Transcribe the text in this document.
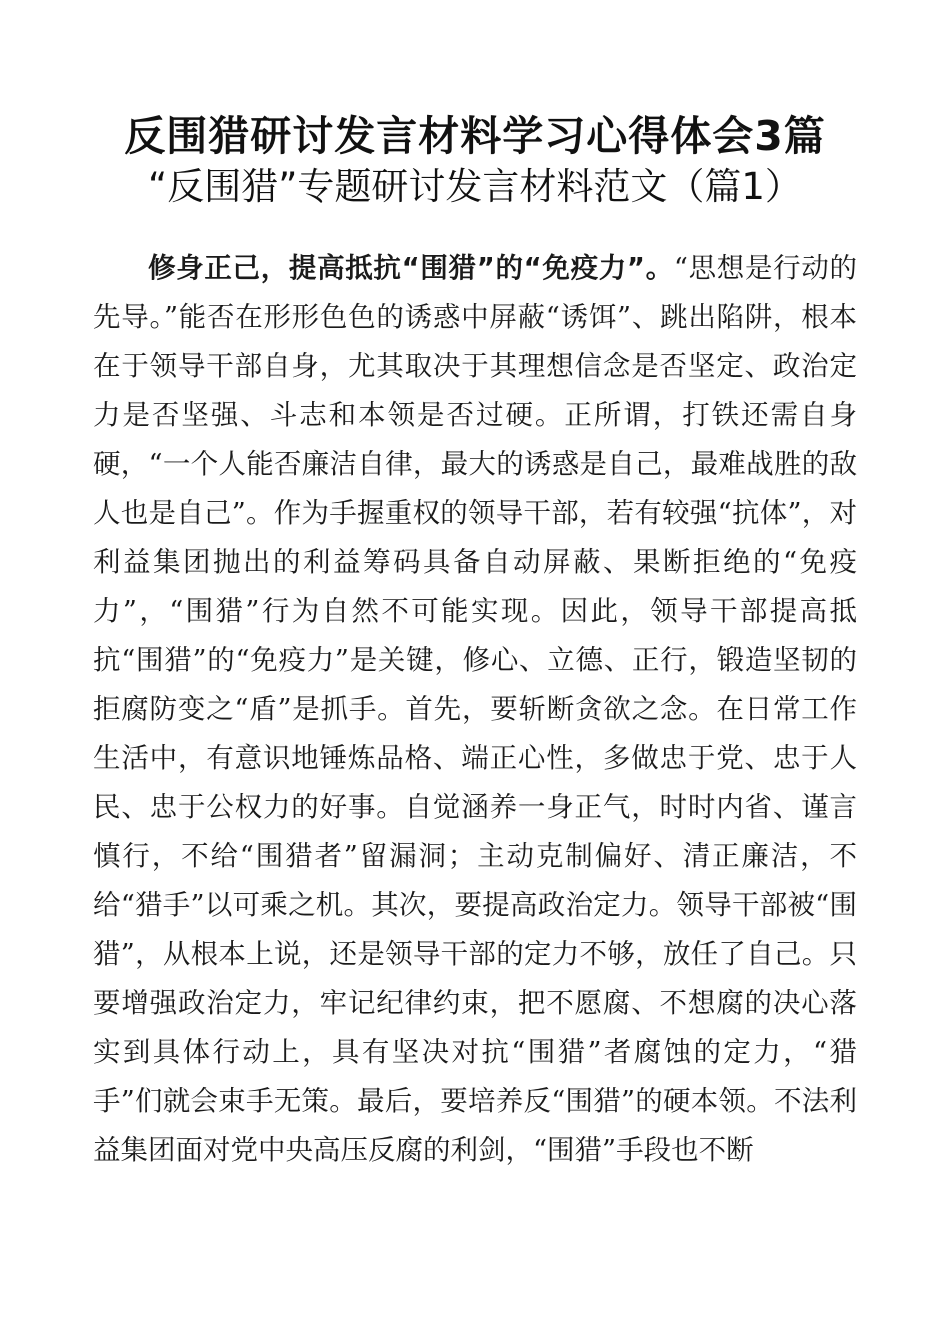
反围猎研讨发言材料学习心得体会3篇
“反围猎”专题研讨发言材料范文（篇1）

修身正己，提高抵抗“围猎”的“免疫力”。“思想是行动的先导。”能否在形形色色的诱惑中屏蔽“诱饵”、跳出陷阱，根本在于领导干部自身，尤其取决于其理想信念是否坚定、政治定力是否坚强、斗志和本领是否过硬。正所谓，打铁还需自身硬，“一个人能否廉洁自律，最大的诱惑是自己，最难战胜的敌人也是自己”。作为手握重权的领导干部，若有较强“抗体”，对利益集团抛出的利益筹码具备自动屏蔽、果断拒绝的“免疫力”，“围猎”行为自然不可能实现。因此，领导干部提高抵抗“围猎”的“免疫力”是关键，修心、立德、正行，锻造坚韧的拒腐防变之“盾”是抓手。首先，要斩断贪欲之念。在日常工作生活中，有意识地锤炼品格、端正心性，多做忠于党、忠于人民、忠于公权力的好事。自觉涵养一身正气，时时内省、谨言慎行，不给“围猎者”留漏洞；主动克制偏好、清正廉洁，不给“猎手”以可乘之机。其次，要提高政治定力。领导干部被“围猎”，从根本上说，还是领导干部的定力不够，放任了自己。只要增强政治定力，牢记纪律约束，把不愿腐、不想腐的决心落实到具体行动上，具有坚决对抗“围猎”者腐蚀的定力，“猎手”们就会束手无策。最后，要培养反“围猎”的硬本领。不法利益集团面对党中央高压反腐的利剑，“围猎”手段也不断
